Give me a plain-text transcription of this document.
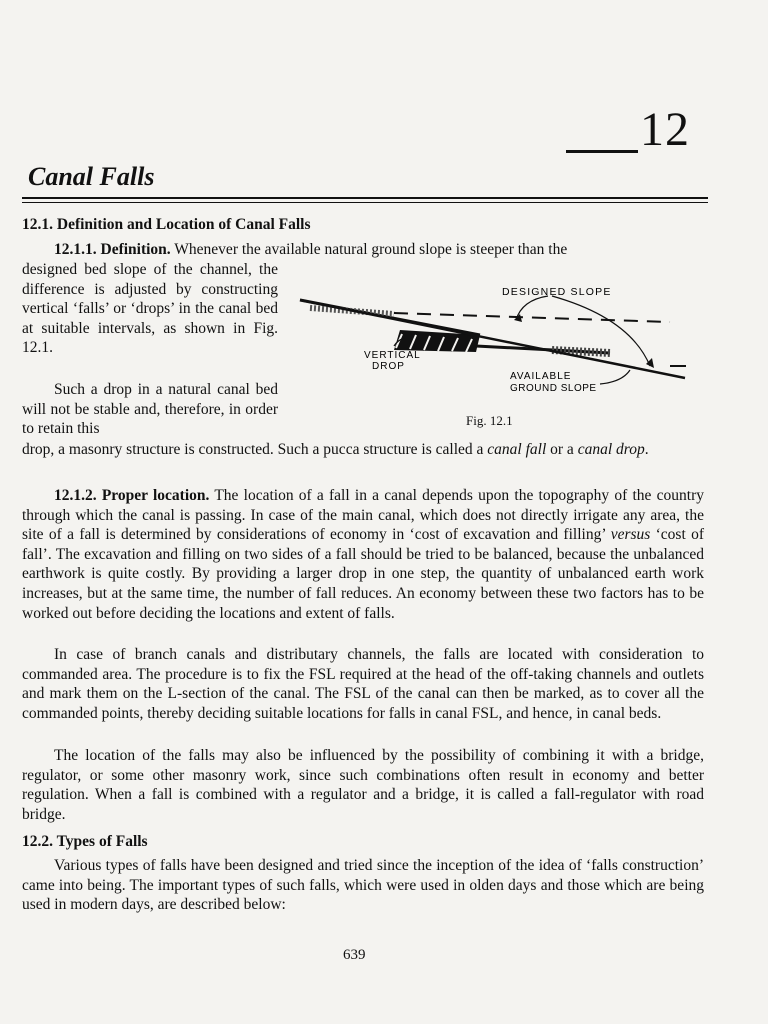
12
Canal Falls
12.1. Definition and Location of Canal Falls
12.1.1. Definition. Whenever the available natural ground slope is steeper than the

designed bed slope of the channel, the difference is adjusted by constructing vertical ‘falls’ or ‘drops’ in the canal bed at suitable intervals, as shown in Fig. 12.1.

Such a drop in a natural canal bed will not be stable and, therefore, in order to retain this

DESIGNED SLOPE
VERTICAL
DROP
AVAILABLE
GROUND SLOPE
Fig. 12.1
drop, a masonry structure is constructed. Such a pucca structure is called a canal fall or a canal drop.

12.1.2. Proper location. The location of a fall in a canal depends upon the topography of the country through which the canal is passing. In case of the main canal, which does not directly irrigate any area, the site of a fall is determined by considerations of economy in ‘cost of excavation and filling’ versus ‘cost of fall’. The excavation and filling on two sides of a fall should be tried to be balanced, because the unbalanced earthwork is quite costly. By providing a larger drop in one step, the quantity of unbalanced earth work increases, but at the same time, the number of fall reduces. An economy between these two factors has to be worked out before deciding the locations and extent of falls.

In case of branch canals and distributary channels, the falls are located with consideration to commanded area. The procedure is to fix the FSL required at the head of the off-taking channels and outlets and mark them on the L-section of the canal. The FSL of the canal can then be marked, as to cover all the commanded points, thereby deciding suitable locations for falls in canal FSL, and hence, in canal beds.

The location of the falls may also be influenced by the possibility of combining it with a bridge, regulator, or some other masonry work, since such combinations often result in economy and better regulation. When a fall is combined with a regulator and a bridge, it is called a fall-regulator with road bridge.

12.2. Types of Falls

Various types of falls have been designed and tried since the inception of the idea of ‘falls construction’ came into being. The important types of such falls, which were used in olden days and those which are being used in modern days, are described below:

639
